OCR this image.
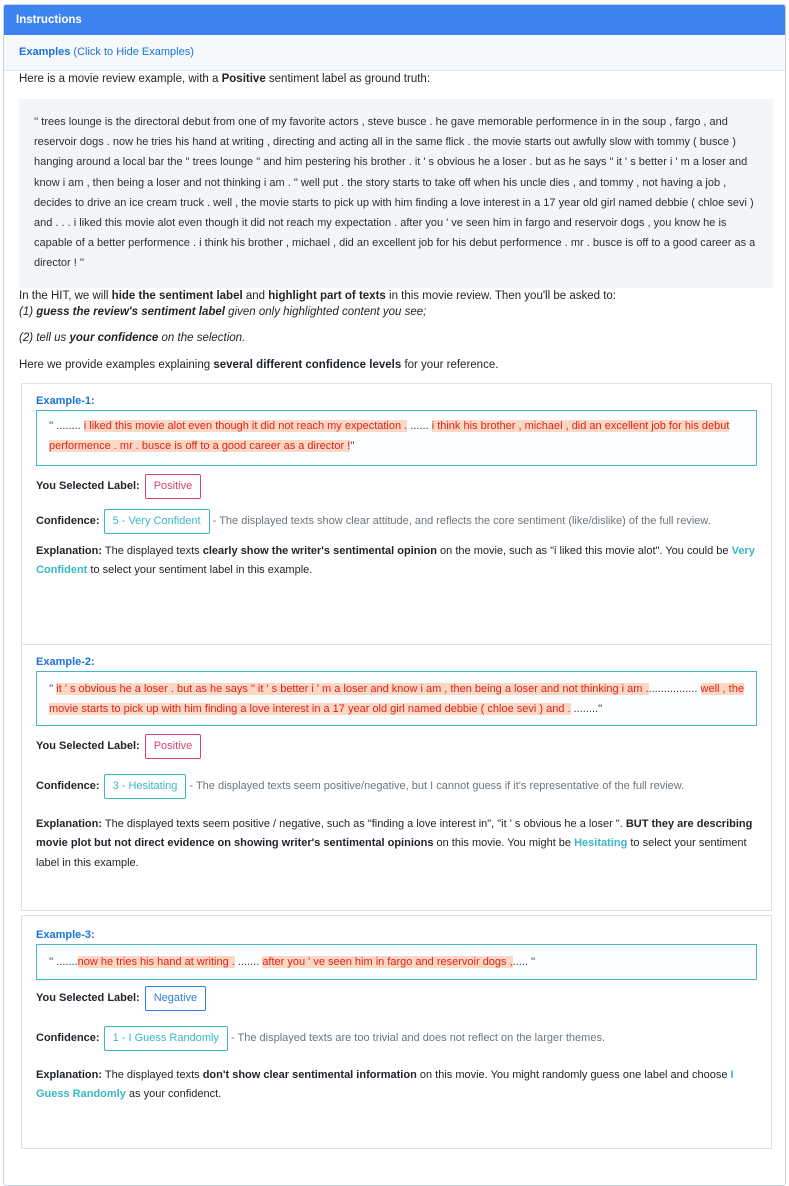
Instructions
Examples (Click to Hide Examples)

Here is a movie review example, with a Positive sentiment label as ground truth:

'' trees lounge is the directoral debut from one of my favorite actors , steve busce . he gave memorable performence in in the soup , fargo , and reservoir dogs . now he tries his hand at writing , directing and acting all in the same flick . the movie starts out awfully slow with tommy ( busce ) hanging around a local bar the " trees lounge " and him pestering his brother . it ' s obvious he a loser . but as he says " it ' s better i ' m a loser and know i am , then being a loser and not thinking i am . " well put . the story starts to take off when his uncle dies , and tommy , not having a job , decides to drive an ice cream truck . well , the movie starts to pick up with him finding a love interest in a 17 year old girl named debbie ( chloe sevi ) and . . . i liked this movie alot even though it did not reach my expectation . after you ' ve seen him in fargo and reservoir dogs , you know he is capable of a better performence . i think his brother , michael , did an excellent job for his debut performence . mr . busce is off to a good career as a director ! ''

In the HIT, we will hide the sentiment label and highlight part of texts in this movie review. Then you'll be asked to:

(1) guess the review's sentiment label given only highlighted content you see;

(2) tell us your confidence on the selection.

Here we provide examples explaining several different confidence levels for your reference.

Example-1:
'' ........ i liked this movie alot even though it did not reach my expectation . ...... i think his brother , michael , did an excellent job for his debut performence . mr . busce is off to a good career as a director !''
You Selected Label:	Positive
Confidence: 5 - Very Confident - The displayed texts show clear attitude, and reflects the core sentiment (like/dislike) of the full review.
Explanation: The displayed texts clearly show the writer's sentimental opinion on the movie, such as "i liked this movie alot". You could be Very Confident to select your sentiment label in this example.
Example-2:
'' it ' s obvious he a loser . but as he says " it ' s better i ' m a loser and know i am , then being a loser and not thinking i am ................. well , the movie starts to pick up with him finding a love interest in a 17 year old girl named debbie ( chloe sevi ) and . ........''
You Selected Label:	Positive
Confidence: 3 - Hesitating - The displayed texts seem positive/negative, but I cannot guess if it's representative of the full review.
Explanation: The displayed texts seem positive / negative, such as "finding a love interest in", "it ' s obvious he a loser ". BUT they are describing movie plot but not direct evidence on showing writer's sentimental opinions on this movie. You might be Hesitating to select your sentiment label in this example.
Example-3:
'' .......now he tries his hand at writing . ....... after you ' ve seen him in fargo and reservoir dogs ,..... ''
You Selected Label:	Negative
Confidence: 1 - I Guess Randomly - The displayed texts are too trivial and does not reflect on the larger themes.
Explanation: The displayed texts don't show clear sentimental information on this movie. You might randomly guess one label and choose I Guess Randomly as your confidenct.
